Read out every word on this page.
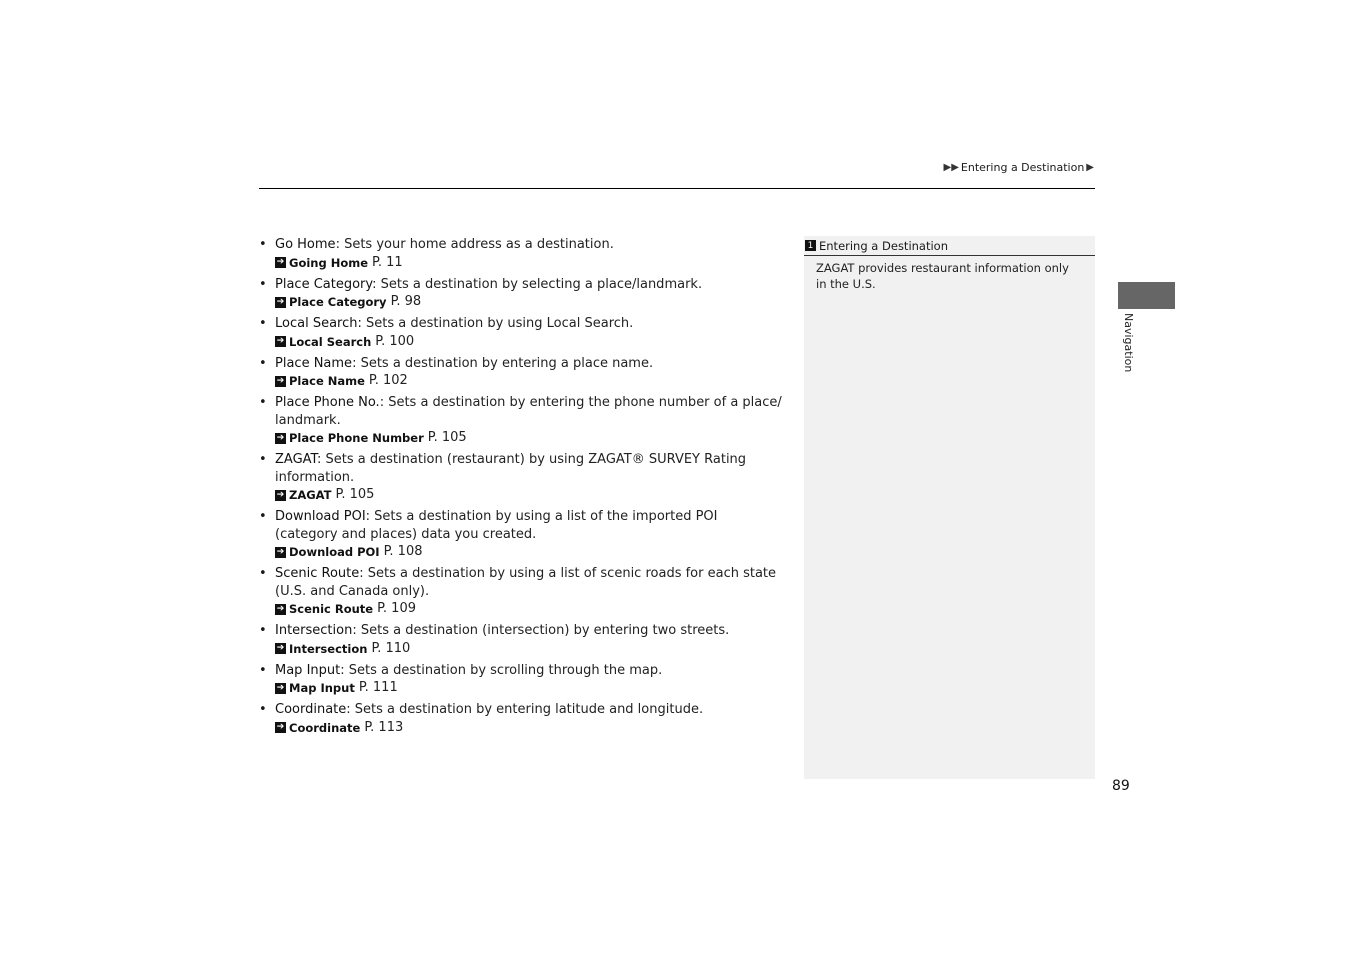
▶▶ Entering a Destination ▶
• Go Home: Sets your home address as a destination.
➔ Going Home P. 11
• Place Category: Sets a destination by selecting a place/landmark.
➔ Place Category P. 98
• Local Search: Sets a destination by using Local Search.
➔ Local Search P. 100
• Place Name: Sets a destination by entering a place name.
➔ Place Name P. 102
• Place Phone No.: Sets a destination by entering the phone number of a place/ landmark.
➔ Place Phone Number P. 105
• ZAGAT: Sets a destination (restaurant) by using ZAGAT® SURVEY Rating information.
➔ ZAGAT P. 105
• Download POI: Sets a destination by using a list of the imported POI (category and places) data you created.
➔ Download POI P. 108
• Scenic Route: Sets a destination by using a list of scenic roads for each state (U.S. and Canada only).
➔ Scenic Route P. 109
• Intersection: Sets a destination (intersection) by entering two streets.
➔ Intersection P. 110
• Map Input: Sets a destination by scrolling through the map.
➔ Map Input P. 111
• Coordinate: Sets a destination by entering latitude and longitude.
➔ Coordinate P. 113
1 Entering a Destination
ZAGAT provides restaurant information only in the U.S.
Navigation
89
